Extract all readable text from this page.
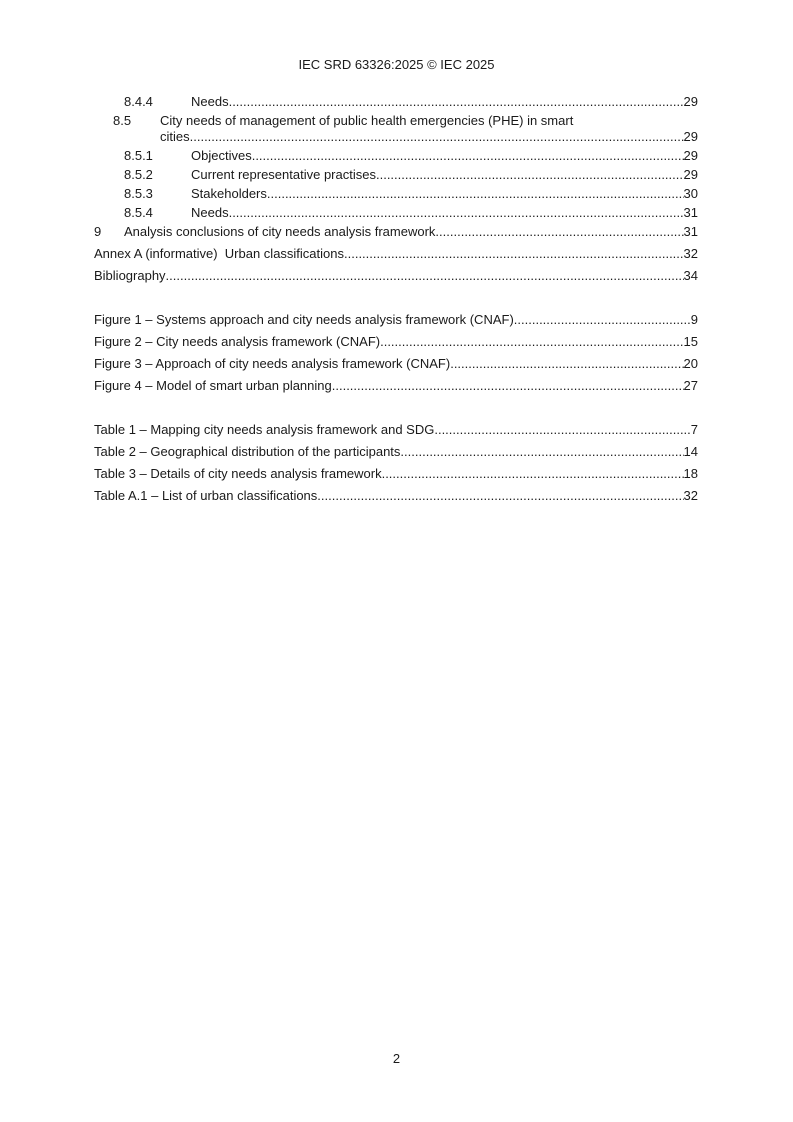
IEC SRD 63326:2025 © IEC 2025
8.4.4	Needs .....	29
8.5	City needs of management of public health emergencies (PHE) in smart
cities .....	29
8.5.1	Objectives .....	29
8.5.2	Current representative practises .....	29
8.5.3	Stakeholders .....	30
8.5.4	Needs .....	31
9	Analysis conclusions of city needs analysis framework .....	31
Annex A (informative)  Urban classifications .....	32
Bibliography .....	34
Figure 1 – Systems approach and city needs analysis framework (CNAF) .....	9
Figure 2 – City needs analysis framework (CNAF) .....	15
Figure 3 – Approach of city needs analysis framework (CNAF) .....	20
Figure 4 – Model of smart urban planning .....	27
Table 1 – Mapping city needs analysis framework and SDG .....	7
Table 2 – Geographical distribution of the participants .....	14
Table 3 – Details of city needs analysis framework .....	18
Table A.1 – List of urban classifications .....	32
2
